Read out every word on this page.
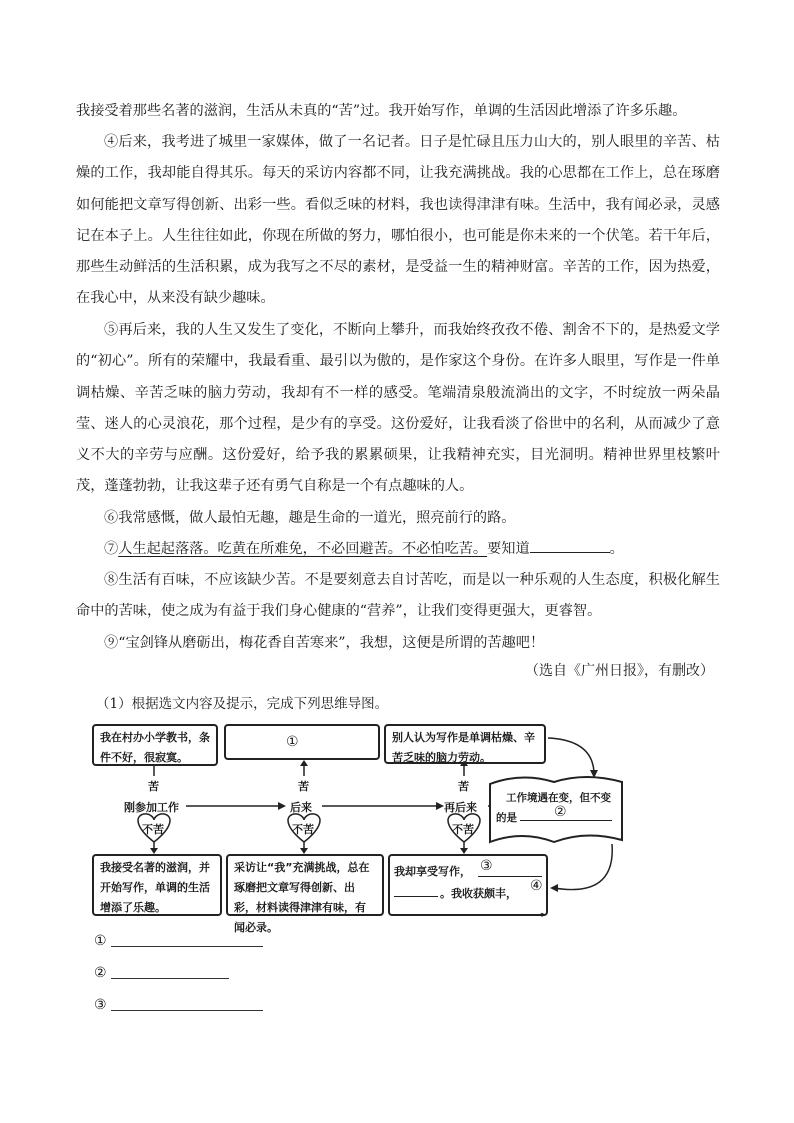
我接受着那些名著的滋润，生活从未真的“苦”过。我开始写作，单调的生活因此增添了许多乐趣。

④后来，我考进了城里一家媒体，做了一名记者。日子是忙碌且压力山大的，别人眼里的辛苦、枯燥的工作，我却能自得其乐。每天的采访内容都不同，让我充满挑战。我的心思都在工作上，总在琢磨如何能把文章写得创新、出彩一些。看似乏味的材料，我也读得津津有味。生活中，我有闻必录，灵感记在本子上。人生往往如此，你现在所做的努力，哪怕很小，也可能是你未来的一个伏笔。若干年后，那些生动鲜活的生活积累，成为我写之不尽的素材，是受益一生的精神财富。辛苦的工作，因为热爱，在我心中，从来没有缺少趣味。

⑤再后来，我的人生又发生了变化，不断向上攀升，而我始终孜孜不倦、割舍不下的，是热爱文学的“初心”。所有的荣耀中，我最看重、最引以为傲的，是作家这个身份。在许多人眼里，写作是一件单调枯燥、辛苦乏味的脑力劳动，我却有不一样的感受。笔端清泉般流淌出的文字，不时绽放一两朵晶莹、迷人的心灵浪花，那个过程，是少有的享受。这份爱好，让我看淡了俗世中的名利，从而减少了意义不大的辛劳与应酬。这份爱好，给予我的累累硕果，让我精神充实，目光洞明。精神世界里枝繁叶茂，蓬蓬勃勃，让我这辈子还有勇气自称是一个有点趣味的人。

⑥我常感慨，做人最怕无趣，趣是生命的一道光，照亮前行的路。

⑦人生起起落落。吃黄在所难免，不必回避苦。不必怕吃苦。要知道	。

⑧生活有百味，不应该缺少苦。不是要刻意去自讨苦吃，而是以一种乐观的人生态度，积极化解生命中的苦味，使之成为有益于我们身心健康的“营养”，让我们变得更强大，更睿智。

⑨“宝剑锋从磨砺出，梅花香自苦寒来”，我想，这便是所谓的苦趣吧！

（选自《广州日报》，有删改）

（1）根据选文内容及提示，完成下列思维导图。

我在村办小学教书，条件不好，很寂寞。
①	别人认为写作是单调枯燥、辛苦乏味的脑力劳动。
苦	苦	苦
刚参加工作	后来	再后来
不苦	不苦	不苦
工作境遇在变，但不变
的是	②
我接受名著的滋润，并开始写作，单调的生活增添了乐趣。
采访让“我”充满挑战，总在琢磨把文章写得创新、出彩，材料读得津津有味，有闻必录。
我却享受写作， ③
。我收获颇丰， ④
。
①
②
③
